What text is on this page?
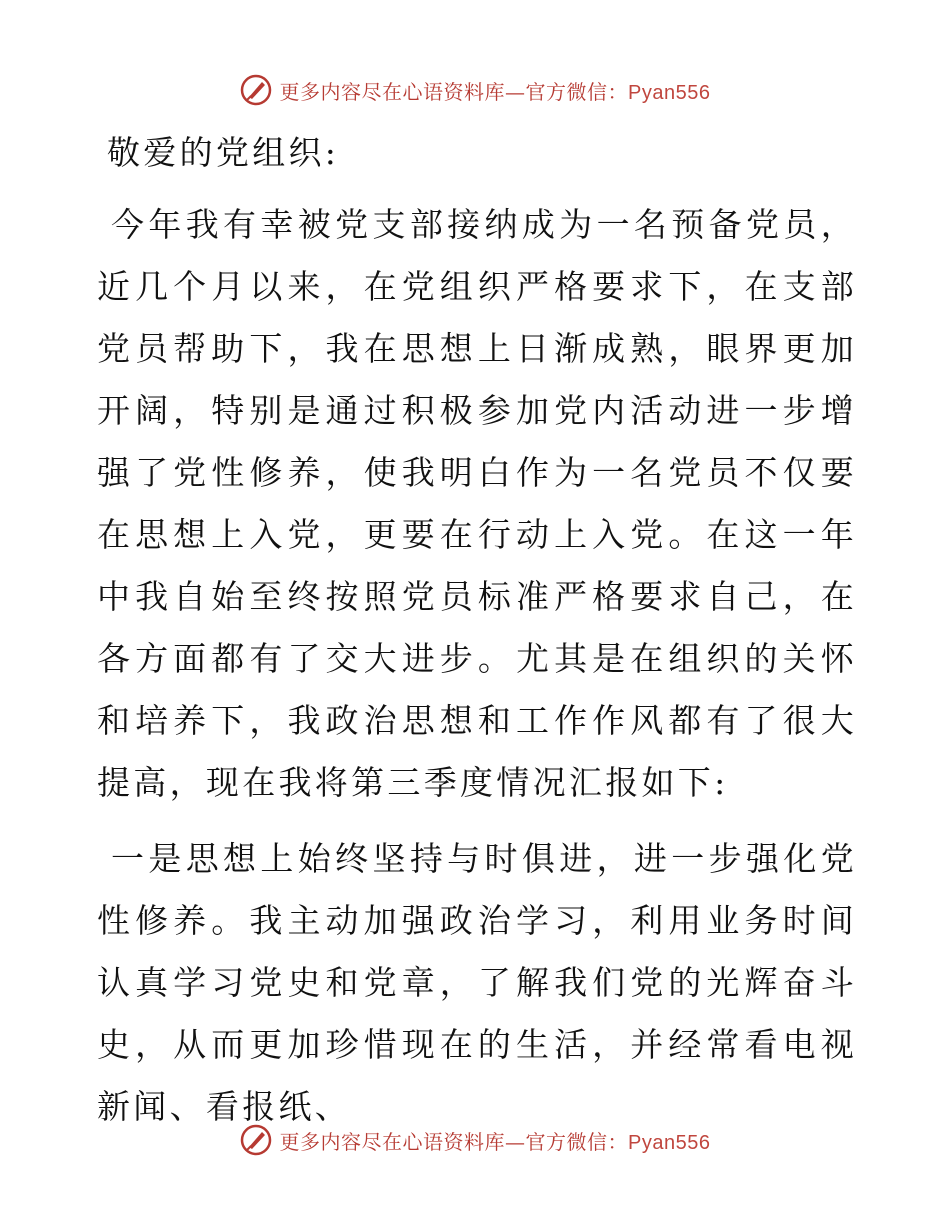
更多内容尽在心语资料库—官方微信：Pyan556

敬爱的党组织:

今年我有幸被党支部接纳成为一名预备党员，近几个月以来，在党组织严格要求下，在支部党员帮助下，我在思想上日渐成熟，眼界更加开阔，特别是通过积极参加党内活动进一步增强了党性修养，使我明白作为一名党员不仅要在思想上入党，更要在行动上入党。在这一年中我自始至终按照党员标准严格要求自己，在各方面都有了交大进步。尤其是在组织的关怀和培养下，我政治思想和工作作风都有了很大提高，现在我将第三季度情况汇报如下:

一是思想上始终坚持与时俱进，进一步强化党性修养。我主动加强政治学习，利用业务时间认真学习党史和党章，了解我们党的光辉奋斗史，从而更加珍惜现在的生活，并经常看电视新闻、看报纸、

更多内容尽在心语资料库—官方微信：Pyan556
